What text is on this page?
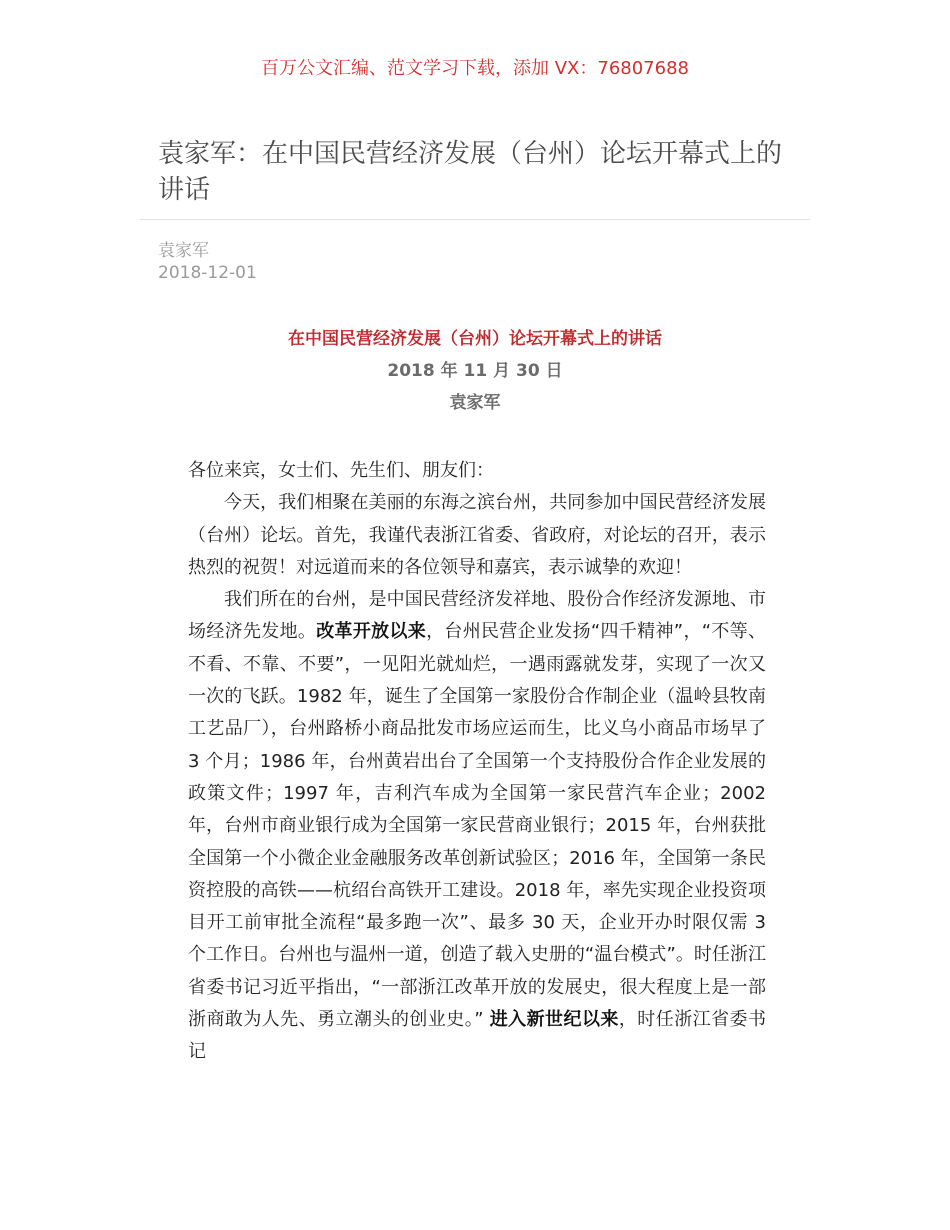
百万公文汇编、范文学习下载，添加 VX：76807688
袁家军：在中国民营经济发展（台州）论坛开幕式上的讲话
袁家军
2018-12-01
在中国民营经济发展（台州）论坛开幕式上的讲话
2018 年 11 月 30 日
袁家军

各位来宾，女士们、先生们、朋友们：

今天，我们相聚在美丽的东海之滨台州，共同参加中国民营经济发展（台州）论坛。首先，我谨代表浙江省委、省政府，对论坛的召开，表示热烈的祝贺！对远道而来的各位领导和嘉宾，表示诚挚的欢迎！

我们所在的台州，是中国民营经济发祥地、股份合作经济发源地、市场经济先发地。改革开放以来，台州民营企业发扬“四千精神”，“不等、不看、不靠、不要”，一见阳光就灿烂，一遇雨露就发芽，实现了一次又一次的飞跃。1982 年，诞生了全国第一家股份合作制企业（温岭县牧南工艺品厂），台州路桥小商品批发市场应运而生，比义乌小商品市场早了 3 个月；1986 年，台州黄岩出台了全国第一个支持股份合作企业发展的政策文件；1997 年，吉利汽车成为全国第一家民营汽车企业；2002 年，台州市商业银行成为全国第一家民营商业银行；2015 年，台州获批全国第一个小微企业金融服务改革创新试验区；2016 年，全国第一条民资控股的高铁——杭绍台高铁开工建设。2018 年，率先实现企业投资项目开工前审批全流程“最多跑一次”、最多 30 天，企业开办时限仅需 3 个工作日。台州也与温州一道，创造了载入史册的“温台模式”。时任浙江省委书记习近平指出，“一部浙江改革开放的发展史，很大程度上是一部浙商敢为人先、勇立潮头的创业史。” 进入新世纪以来，时任浙江省委书记
